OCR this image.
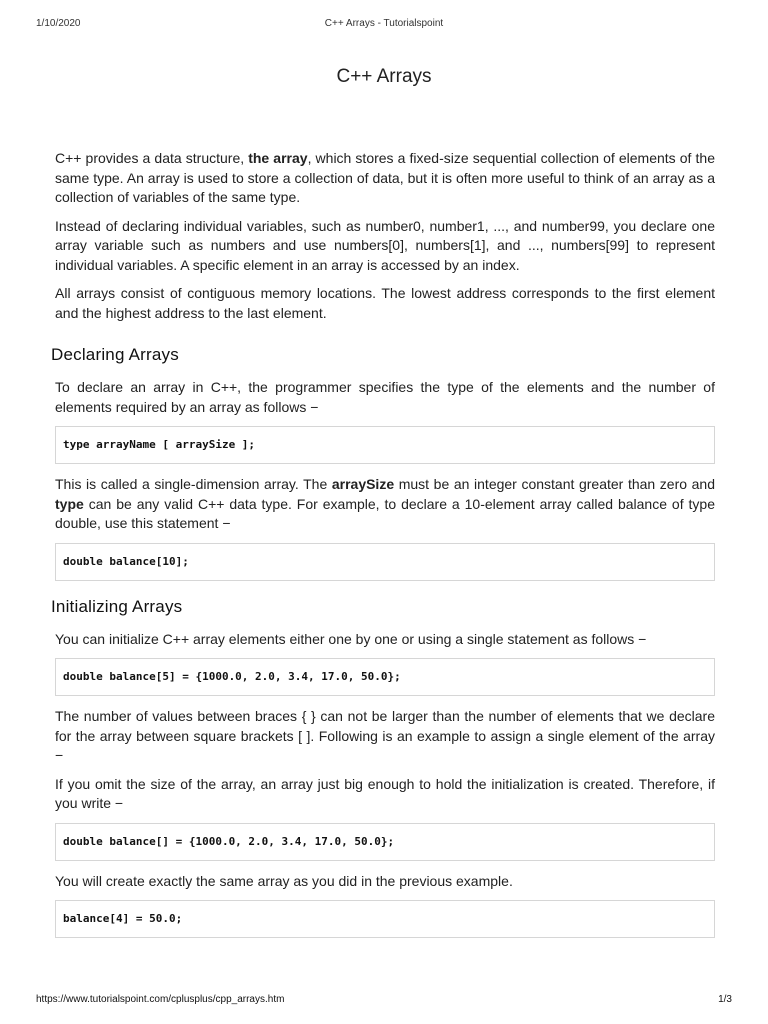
1/10/2020	C++ Arrays - Tutorialspoint
C++ Arrays

C++ provides a data structure, the array, which stores a fixed-size sequential collection of elements of the same type. An array is used to store a collection of data, but it is often more useful to think of an array as a collection of variables of the same type.

Instead of declaring individual variables, such as number0, number1, ..., and number99, you declare one array variable such as numbers and use numbers[0], numbers[1], and ..., numbers[99] to represent individual variables. A specific element in an array is accessed by an index.

All arrays consist of contiguous memory locations. The lowest address corresponds to the first element and the highest address to the last element.

Declaring Arrays

To declare an array in C++, the programmer specifies the type of the elements and the number of elements required by an array as follows −

type arrayName [ arraySize ];

This is called a single-dimension array. The arraySize must be an integer constant greater than zero and type can be any valid C++ data type. For example, to declare a 10-element array called balance of type double, use this statement −

double balance[10];
Initializing Arrays

You can initialize C++ array elements either one by one or using a single statement as follows −

double balance[5] = {1000.0, 2.0, 3.4, 17.0, 50.0};

The number of values between braces { } can not be larger than the number of elements that we declare for the array between square brackets [ ]. Following is an example to assign a single element of the array −

If you omit the size of the array, an array just big enough to hold the initialization is created. Therefore, if you write −

double balance[] = {1000.0, 2.0, 3.4, 17.0, 50.0};

You will create exactly the same array as you did in the previous example.

balance[4] = 50.0;
https://www.tutorialspoint.com/cplusplus/cpp_arrays.htm	1/3
